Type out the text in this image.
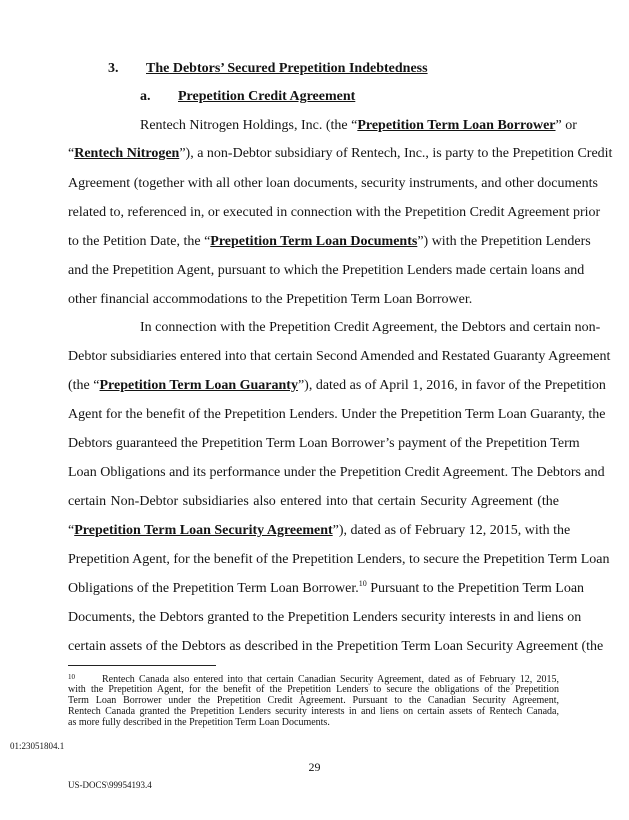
3. The Debtors’ Secured Prepetition Indebtedness
a. Prepetition Credit Agreement
Rentech Nitrogen Holdings, Inc. (the “Prepetition Term Loan Borrower” or
“Rentech Nitrogen”), a non-Debtor subsidiary of Rentech, Inc., is party to the Prepetition Credit
Agreement (together with all other loan documents, security instruments, and other documents
related to, referenced in, or executed in connection with the Prepetition Credit Agreement prior
to the Petition Date, the “Prepetition Term Loan Documents”) with the Prepetition Lenders
and the Prepetition Agent, pursuant to which the Prepetition Lenders made certain loans and
other financial accommodations to the Prepetition Term Loan Borrower.
In connection with the Prepetition Credit Agreement, the Debtors and certain non-
Debtor subsidiaries entered into that certain Second Amended and Restated Guaranty Agreement
(the “Prepetition Term Loan Guaranty”), dated as of April 1, 2016, in favor of the Prepetition
Agent for the benefit of the Prepetition Lenders. Under the Prepetition Term Loan Guaranty, the
Debtors guaranteed the Prepetition Term Loan Borrower’s payment of the Prepetition Term
Loan Obligations and its performance under the Prepetition Credit Agreement. The Debtors and
certain Non-Debtor subsidiaries also entered into that certain Security Agreement (the
“Prepetition Term Loan Security Agreement”), dated as of February 12, 2015, with the
Prepetition Agent, for the benefit of the Prepetition Lenders, to secure the Prepetition Term Loan
Obligations of the Prepetition Term Loan Borrower.$^{10}$ Pursuant to the Prepetition Term Loan
Documents, the Debtors granted to the Prepetition Lenders security interests in and liens on
certain assets of the Debtors as described in the Prepetition Term Loan Security Agreement (the
10	Rentech Canada also entered into that certain Canadian Security Agreement, dated as of February 12, 2015,
with the Prepetition Agent, for the benefit of the Prepetition Lenders to secure the obligations of the Prepetition
Term Loan Borrower under the Prepetition Credit Agreement. Pursuant to the Canadian Security Agreement,
Rentech Canada granted the Prepetition Lenders security interests in and liens on certain assets of Rentech Canada,
as more fully described in the Prepetition Term Loan Documents.
01:23051804.1
29
US-DOCS\99954193.4
